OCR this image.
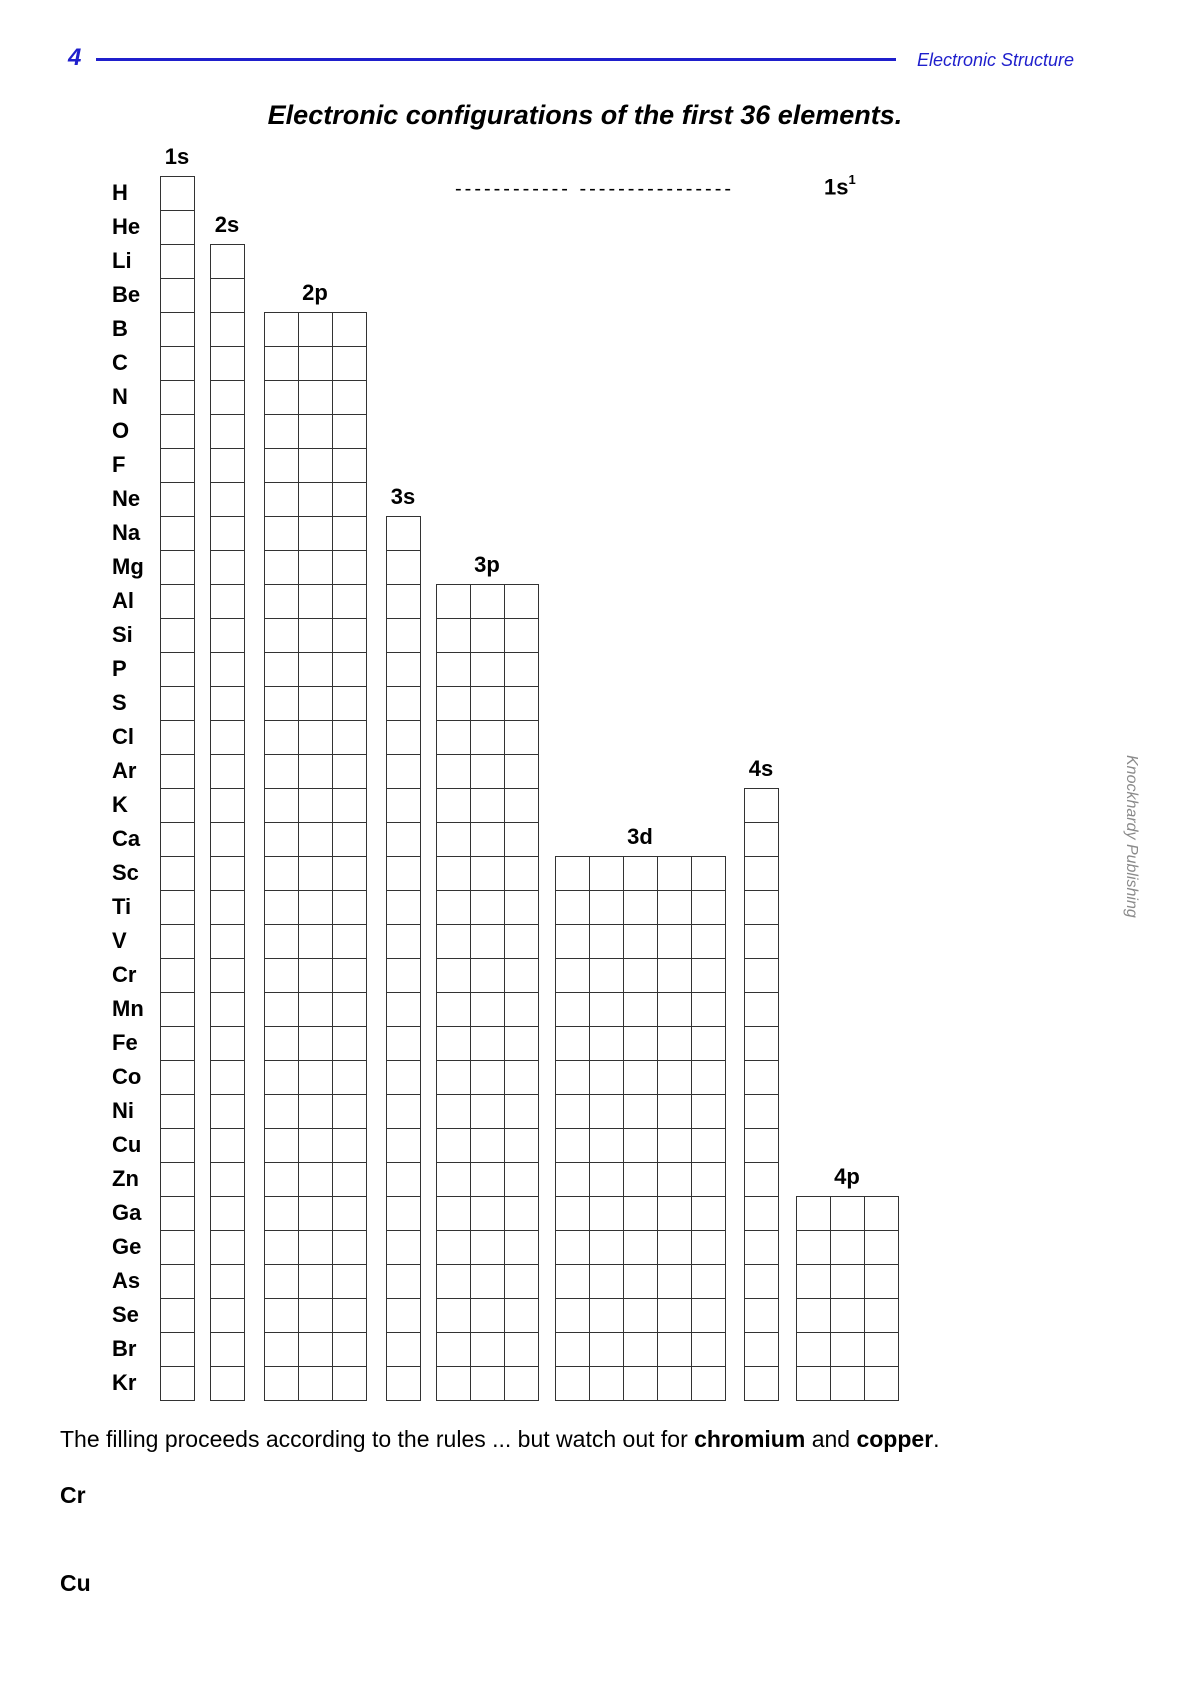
4	Electronic Structure
Electronic configurations of the first 36 elements.
Knockhardy Publishing
------------ ----------------	$1s^1$
H
He
Li
Be
B
C
N
O
F
Ne
Na
Mg
Al
Si
P
S
Cl
Ar
K
Ca
Sc
Ti
V
Cr
Mn
Fe
Co
Ni
Cu
Zn
Ga
Ge
As
Se
Br
Kr
1s
2s
2p
3s
3p
3d
4s
4p
The filling proceeds according to the rules ... but watch out for chromium and copper.
Cr
Cu
